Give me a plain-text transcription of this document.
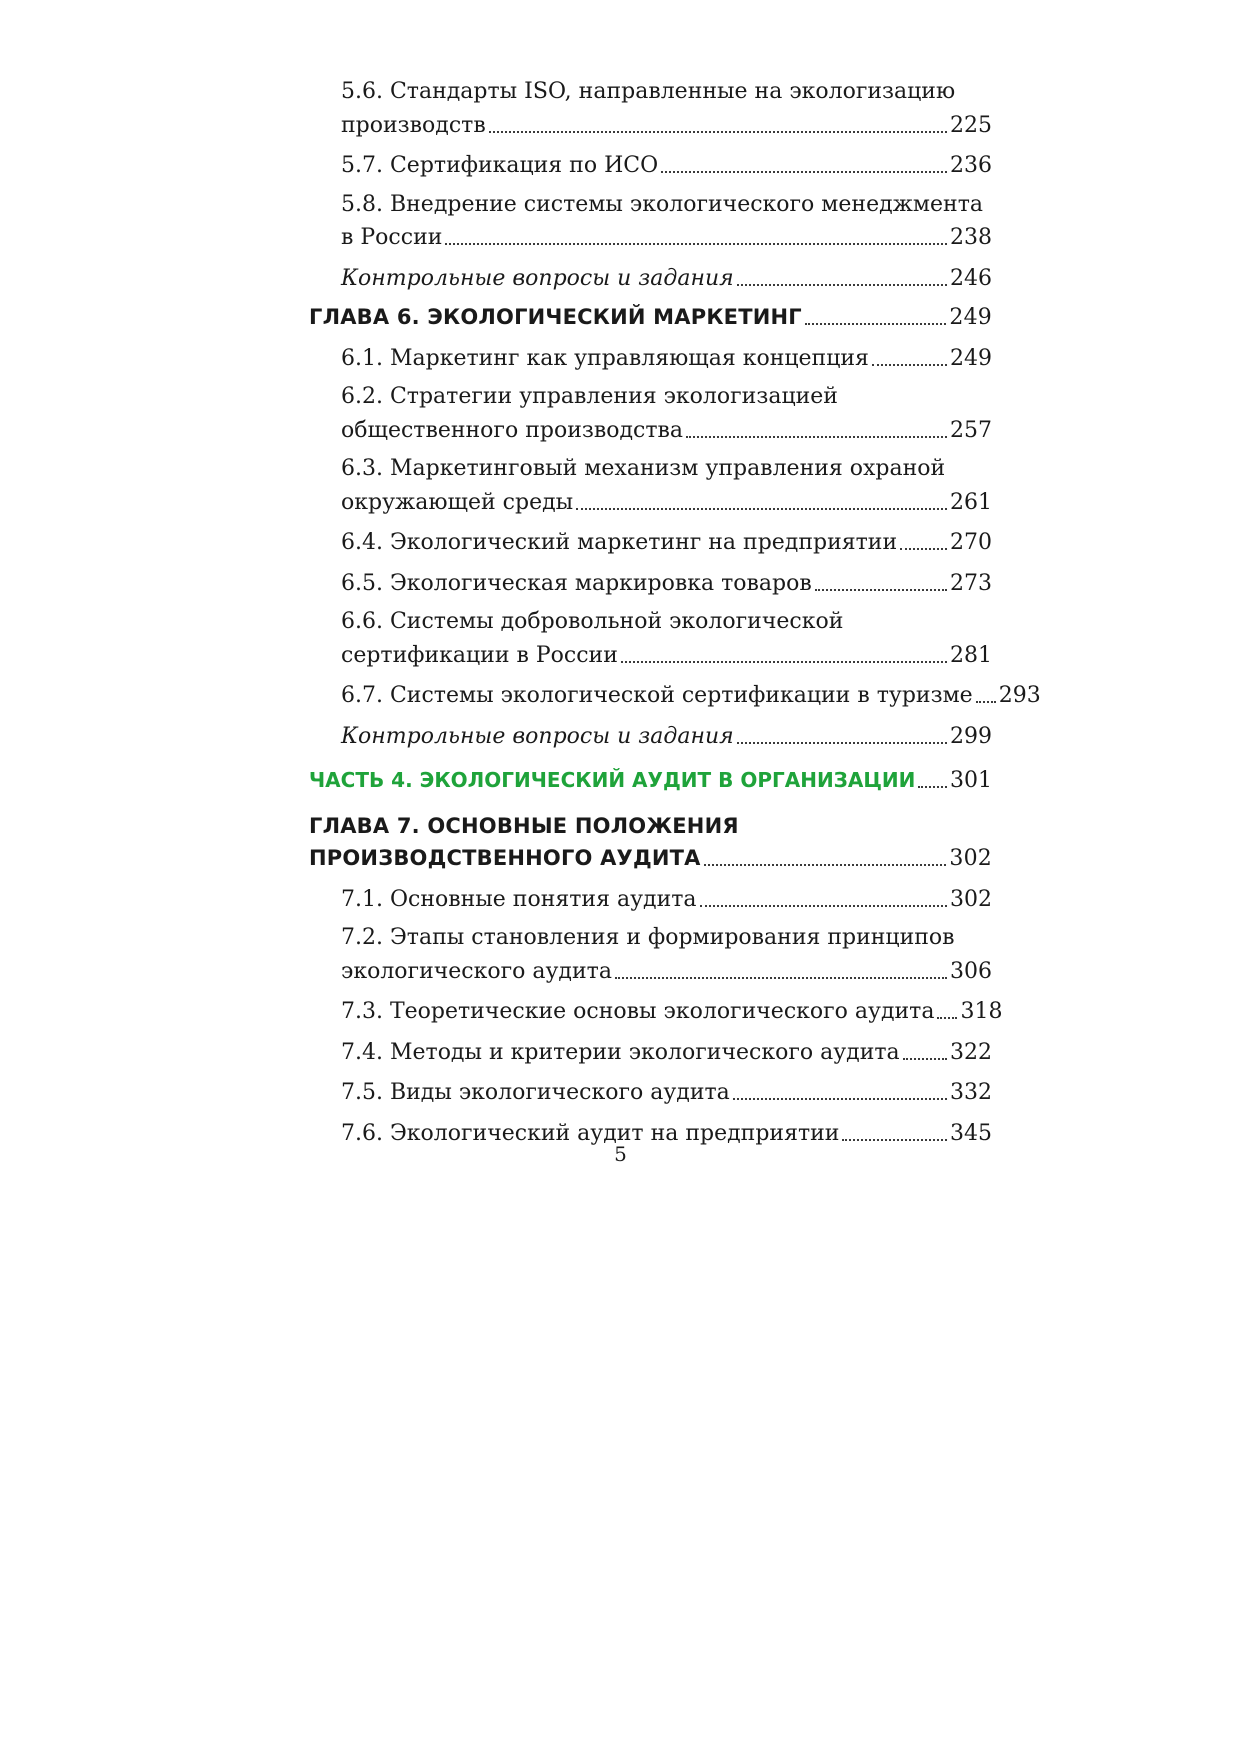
5.6. Стандарты ISO, направленные на экологизацию
производств	225
5.7. Сертификация по ИСО	236
5.8. Внедрение системы экологического менеджмента
в России	238
Контрольные вопросы и задания	246
ГЛАВА 6. ЭКОЛОГИЧЕСКИЙ МАРКЕТИНГ	249
6.1. Маркетинг как управляющая концепция	249
6.2. Стратегии управления экологизацией
общественного производства	257
6.3. Маркетинговый механизм управления охраной
окружающей среды	261
6.4. Экологический маркетинг на предприятии 270
6.5. Экологическая маркировка товаров	273
6.6. Системы добровольной экологической
сертификации в России	281
6.7. Системы экологической сертификации в туризме 293
Контрольные вопросы и задания	299
ЧАСТЬ 4. ЭКОЛОГИЧЕСКИЙ АУДИТ В ОРГАНИЗАЦИИ 301
ГЛАВА 7. ОСНОВНЫЕ ПОЛОЖЕНИЯ
ПРОИЗВОДСТВЕННОГО АУДИТА	302
7.1. Основные понятия аудита	302
7.2. Этапы становления и формирования принципов
экологического аудита	306
7.3. Теоретические основы экологического аудита 318
7.4. Методы и критерии экологического аудита 322
7.5. Виды экологического аудита	332
7.6. Экологический аудит на предприятии	345
5
